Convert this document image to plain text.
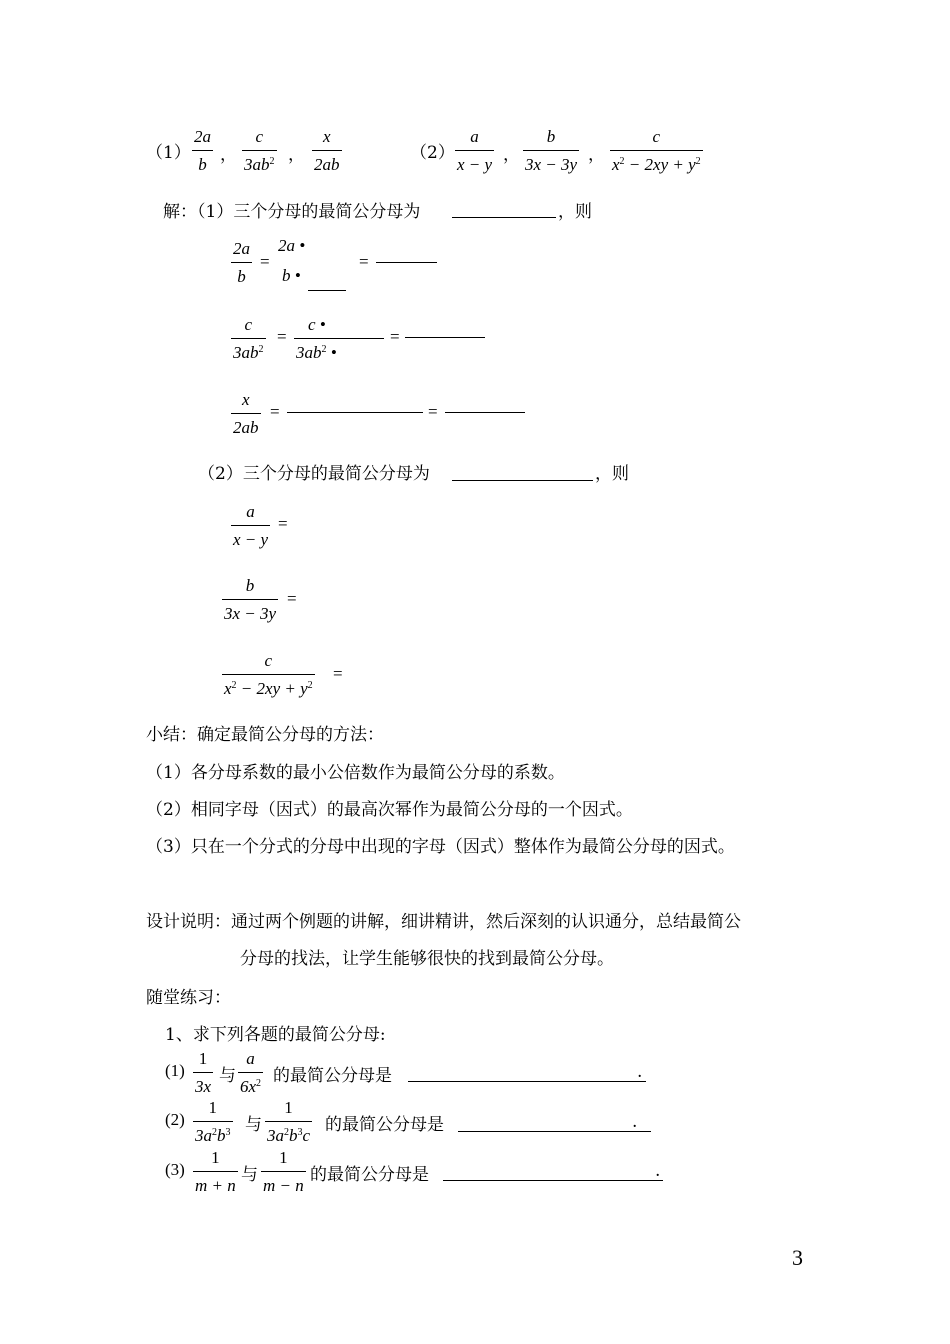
（1）
2a
b
，
c
$3ab^2$ ，
x
2ab
（2）
a
x − y
，
b
3x − 3y
，
c
$x^2 - 2xy + y^2$
解：（1）三个分母的最简公分母为	，则
2a
b
=
2a •
b •
=
c
$3ab^2$
=
c •
$3ab^2$ •
=
x
2ab
=	=
（2）三个分母的最简公分母为	，则
a
x − y
=
b
3x − 3y
=
c
$x^2 - 2xy + y^2$
=
小结：确定最简公分母的方法：
（1）各分母系数的最小公倍数作为最简公分母的系数。
（2）相同字母（因式）的最高次幂作为最简公分母的一个因式。
（3）只在一个分式的分母中出现的字母（因式）整体作为最简公分母的因式。
设计说明：通过两个例题的讲解，细讲精讲，然后深刻的认识通分，总结最简公
分母的找法，让学生能够很快的找到最简公分母。
随堂练习：
1、求下列各题的最简公分母:
(1)
1
3x
与
a
$6x^2$ 的最简公分母是	.
(2)
1
$3a^2b^3$ 与
1
$3a^2b^3c$
的最简公分母是	.
(3)
1
m + n
与
1
m − n
的最简公分母是	.
3
